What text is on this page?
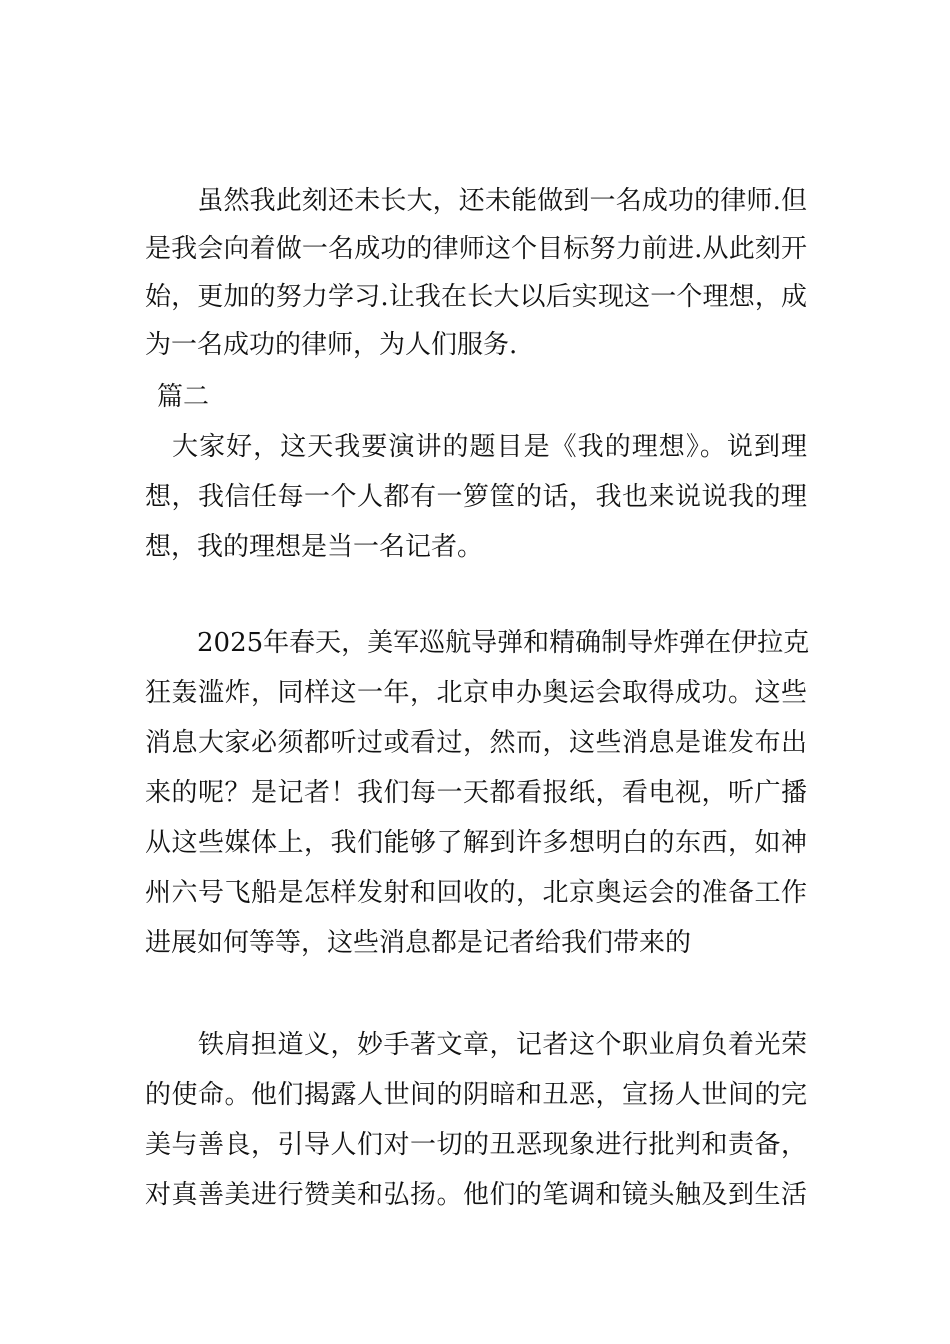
　　虽然我此刻还未长大，还未能做到一名成功的律师.但
是我会向着做一名成功的律师这个目标努力前进.从此刻开
始，更加的努力学习.让我在长大以后实现这一个理想，成
为一名成功的律师，为人们服务.
篇二
　大家好，这天我要演讲的题目是《我的理想》。说到理
想，我信任每一个人都有一箩筐的话，我也来说说我的理
想，我的理想是当一名记者。
　　2025年春天，美军巡航导弹和精确制导炸弹在伊拉克
狂轰滥炸，同样这一年，北京申办奥运会取得成功。这些
消息大家必须都听过或看过，然而，这些消息是谁发布出
来的呢？是记者！我们每一天都看报纸，看电视，听广播
从这些媒体上，我们能够了解到许多想明白的东西，如神
州六号飞船是怎样发射和回收的，北京奥运会的准备工作
进展如何等等，这些消息都是记者给我们带来的
　　铁肩担道义，妙手著文章，记者这个职业肩负着光荣
的使命。他们揭露人世间的阴暗和丑恶，宣扬人世间的完
美与善良，引导人们对一切的丑恶现象进行批判和责备，
对真善美进行赞美和弘扬。他们的笔调和镜头触及到生活
